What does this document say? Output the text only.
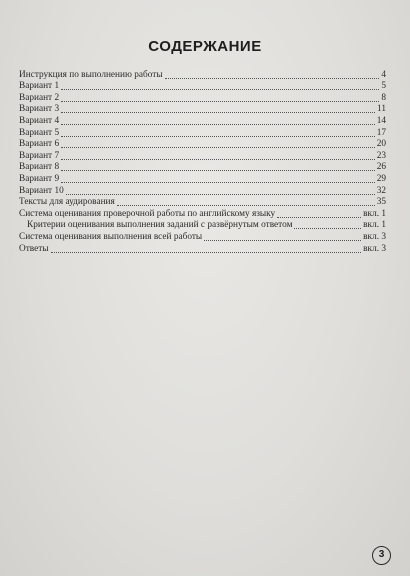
СОДЕРЖАНИЕ
Инструкция по выполнению работы	4
Вариант 1	5
Вариант 2	8
Вариант 3	11
Вариант 4	14
Вариант 5	17
Вариант 6	20
Вариант 7	23
Вариант 8	26
Вариант 9	29
Вариант 10	32
Тексты для аудирования	35
Система оценивания проверочной работы по английскому языку	вкл. 1
Критерии оценивания выполнения заданий с развёрнутым ответом	вкл. 1
Система оценивания выполнения всей работы	вкл. 3
Ответы	вкл. 3
3
